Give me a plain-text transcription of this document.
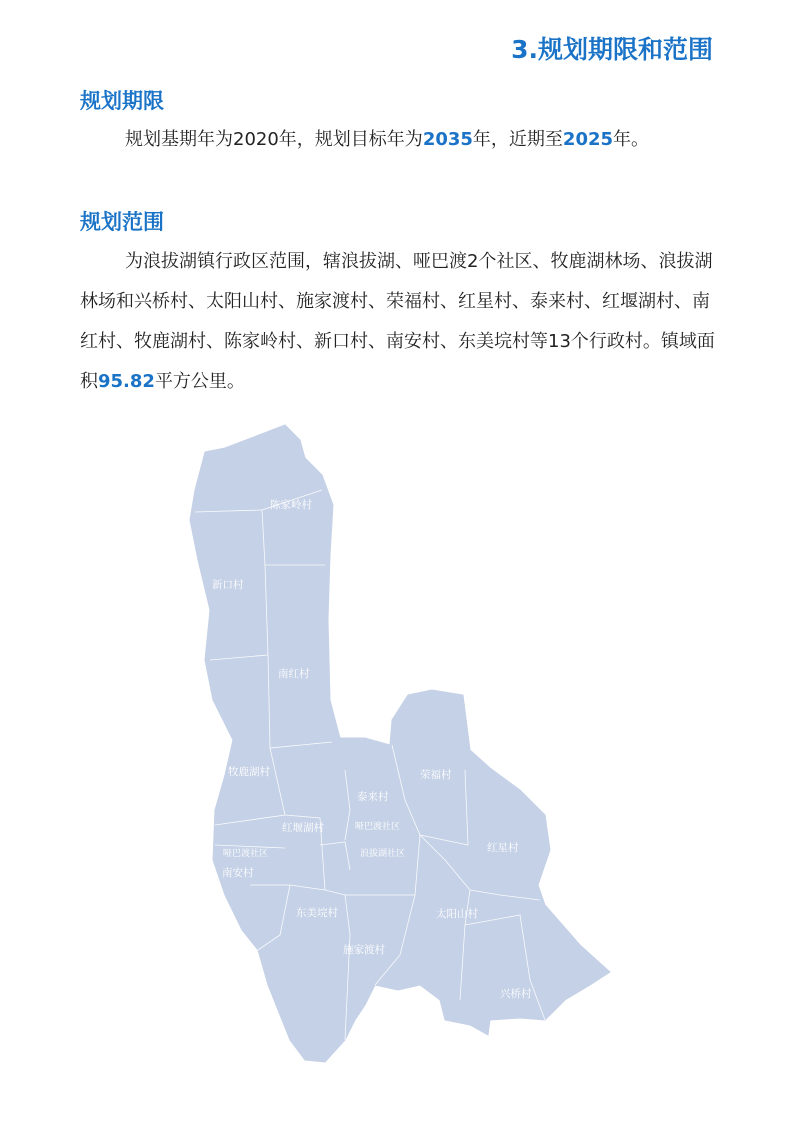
3.规划期限和范围
规划期限

规划基期年为2020年，规划目标年为2035年，近期至2025年。

规划范围

为浪拔湖镇行政区范围，辖浪拔湖、哑巴渡2个社区、牧鹿湖林场、浪拔湖林场和兴桥村、太阳山村、施家渡村、荣福村、红星村、泰来村、红堰湖村、南红村、牧鹿湖村、陈家岭村、新口村、南安村、东美垸村等13个行政村。镇域面积95.82平方公里。

陈家岭村
新口村
南红村
牧鹿湖村
红堰湖村
哑巴渡社区
南安村
东美垸村
泰来村
哑巴渡社区
浪拔湖社区
施家渡村
荣福村
红星村
太阳山村
兴桥村
